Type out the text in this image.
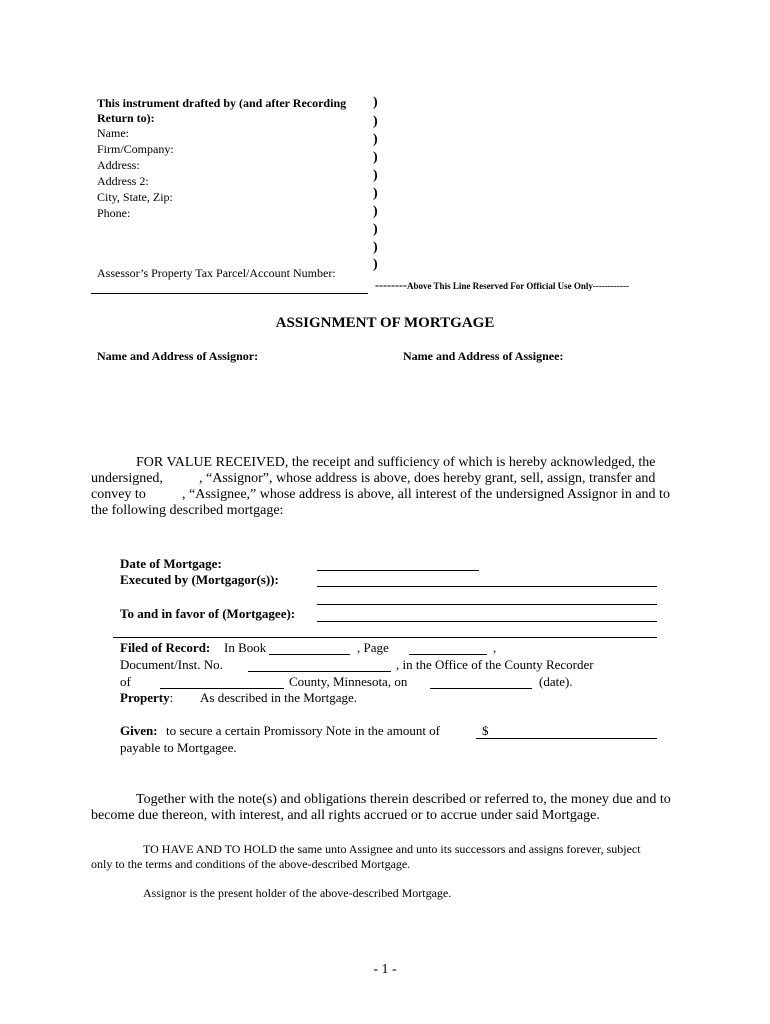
This instrument drafted by (and after Recording
Return to):
Name:
Firm/Company:
Address:
Address 2:
City, State, Zip:
Phone:
Assessor’s Property Tax Parcel/Account Number:
)
)
)
)
)
)
)
)
)
)
--------Above This Line Reserved For Official Use Only------------
ASSIGNMENT OF MORTGAGE
Name and Address of Assignor:	Name and Address of Assignee:
FOR VALUE RECEIVED, the receipt and sufficiency of which is hereby acknowledged, the
undersigned,	, “Assignor”, whose address is above, does hereby grant, sell, assign, transfer and
convey to	, “Assignee,” whose address is above, all interest of the undersigned Assignor in and to
the following described mortgage:
Date of Mortgage:
Executed by (Mortgagor(s)):
To and in favor of (Mortgagee):
Filed of Record: In Book	, Page	,
Document/Inst. No.	, in the Office of the County Recorder
of	County, Minnesota, on	(date).
Property: As described in the Mortgage.
Given: to secure a certain Promissory Note in the amount of	$
payable to Mortgagee.
Together with the note(s) and obligations therein described or referred to, the money due and to
become due thereon, with interest, and all rights accrued or to accrue under said Mortgage.
TO HAVE AND TO HOLD the same unto Assignee and unto its successors and assigns forever, subject
only to the terms and conditions of the above-described Mortgage.
Assignor is the present holder of the above-described Mortgage.
- 1 -
